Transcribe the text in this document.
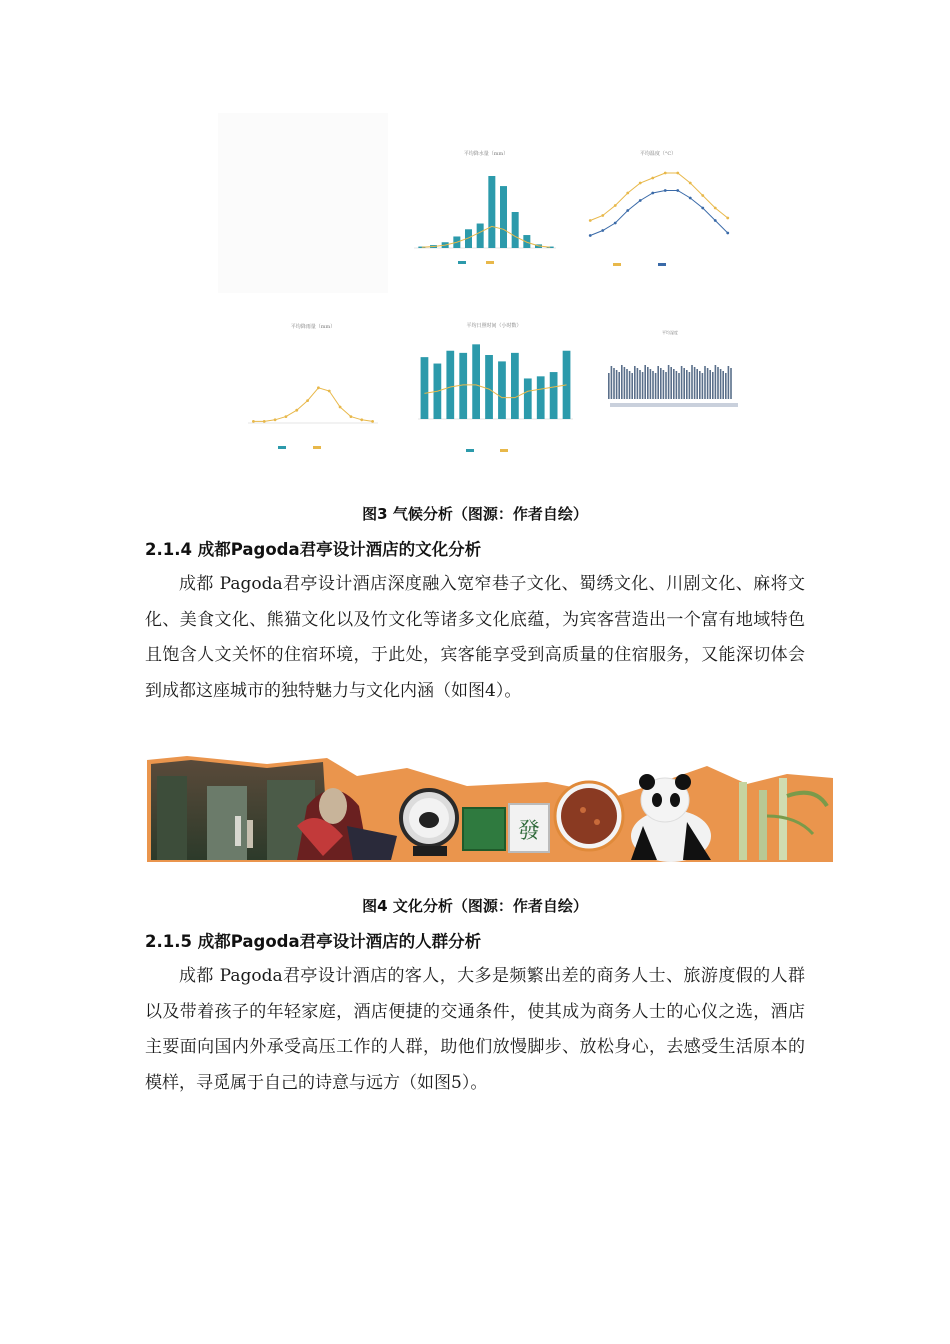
平均降水量（mm）	平均温度（°C）
平均降雨量（mm）	平均日照时间（小时数）
平均湿度
图3 气候分析（图源：作者自绘）
2.1.4 成都Pagoda君亭设计酒店的文化分析
成都 Pagoda君亭设计酒店深度融入宽窄巷子文化、蜀绣文化、川剧文化、麻将文化、美食文化、熊猫文化以及竹文化等诸多文化底蕴，为宾客营造出一个富有地域特色且饱含人文关怀的住宿环境，于此处，宾客能享受到高质量的住宿服务，又能深切体会到成都这座城市的独特魅力与文化内涵（如图4）。
發
图4 文化分析（图源：作者自绘）
2.1.5 成都Pagoda君亭设计酒店的人群分析
成都 Pagoda君亭设计酒店的客人，大多是频繁出差的商务人士、旅游度假的人群以及带着孩子的年轻家庭，酒店便捷的交通条件，使其成为商务人士的心仪之选，酒店主要面向国内外承受高压工作的人群，助他们放慢脚步、放松身心，去感受生活原本的模样，寻觅属于自己的诗意与远方（如图5）。
